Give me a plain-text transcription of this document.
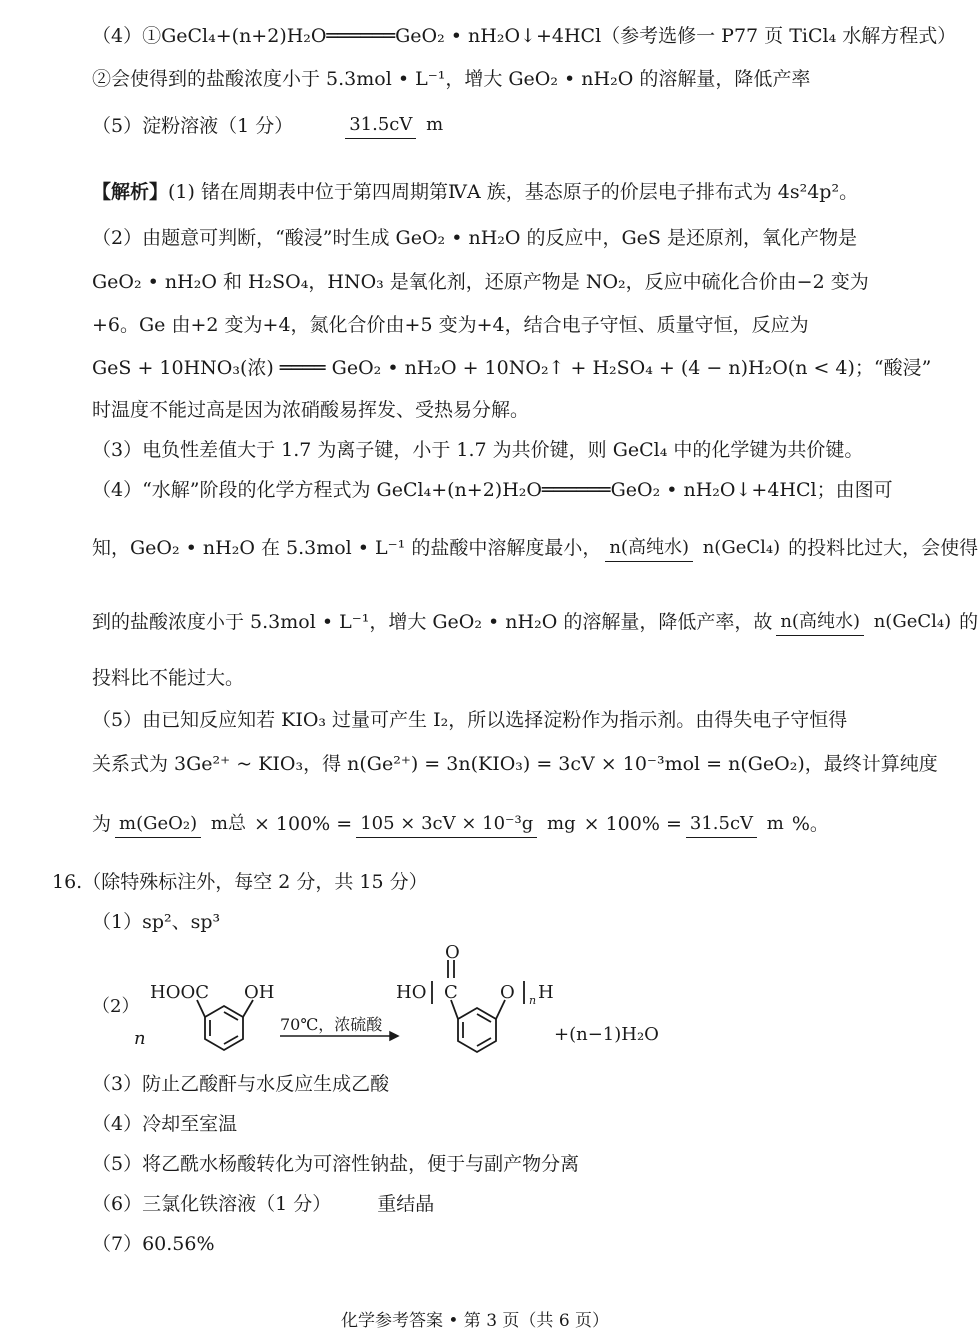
（4）①GeCl₄+(n+2)H₂O══════GeO₂ • nH₂O↓+4HCl（参考选修一 P77 页 TiCl₄ 水解方程式）
②会使得到的盐酸浓度小于 5.3mol • L⁻¹，增大 GeO₂ • nH₂O 的溶解量，降低产率
（5）淀粉溶液（1 分）	31.5cV m
【解析】 (1) 锗在周期表中位于第四周期第ⅣA 族，基态原子的价层电子排布式为 4s²4p²。
（2）由题意可判断，“酸浸”时生成 GeO₂ • nH₂O 的反应中，GeS 是还原剂，氧化产物是
GeO₂ • nH₂O 和 H₂SO₄，HNO₃ 是氧化剂，还原产物是 NO₂，反应中硫化合价由−2 变为
+6。Ge 由+2 变为+4，氮化合价由+5 变为+4，结合电子守恒、质量守恒，反应为
GeS + 10HNO₃(浓) ════ GeO₂ • nH₂O + 10NO₂↑ + H₂SO₄ + (4 − n)H₂O(n < 4)；“酸浸”
时温度不能过高是因为浓硝酸易挥发、受热易分解。
（3）电负性差值大于 1.7 为离子键，小于 1.7 为共价键，则 GeCl₄ 中的化学键为共价键。
（4）“水解”阶段的化学方程式为 GeCl₄+(n+2)H₂O══════GeO₂ • nH₂O↓+4HCl；由图可
知，GeO₂ • nH₂O 在 5.3mol • L⁻¹ 的盐酸中溶解度最小， n(高纯水) n(GeCl₄) 的投料比过大，会使得
到的盐酸浓度小于 5.3mol • L⁻¹，增大 GeO₂ • nH₂O 的溶解量，降低产率，故 n(高纯水) n(GeCl₄) 的
投料比不能过大。
（5）由已知反应知若 KIO₃ 过量可产生 I₂，所以选择淀粉作为指示剂。由得失电子守恒得
关系式为 3Ge²⁺ ~ KIO₃，得 n(Ge²⁺) = 3n(KIO₃) = 3cV × 10⁻³mol = n(GeO₂)，最终计算纯度
为 m(GeO₂) m总 × 100% = 105 × 3cV × 10⁻³g mg × 100% = 31.5cV m %。
16.（除特殊标注外，每空 2 分，共 15 分）
（1）sp²、sp³
（2）
n
HOOC OH
70℃，浓硫酸
HO C
O
O n H
+(n−1)H₂O
（3）防止乙酸酐与水反应生成乙酸
（4）冷却至室温
（5）将乙酰水杨酸转化为可溶性钠盐，便于与副产物分离
（6）三氯化铁溶液（1 分） 重结晶
（7）60.56%
化学参考答案 • 第 3 页（共 6 页）
